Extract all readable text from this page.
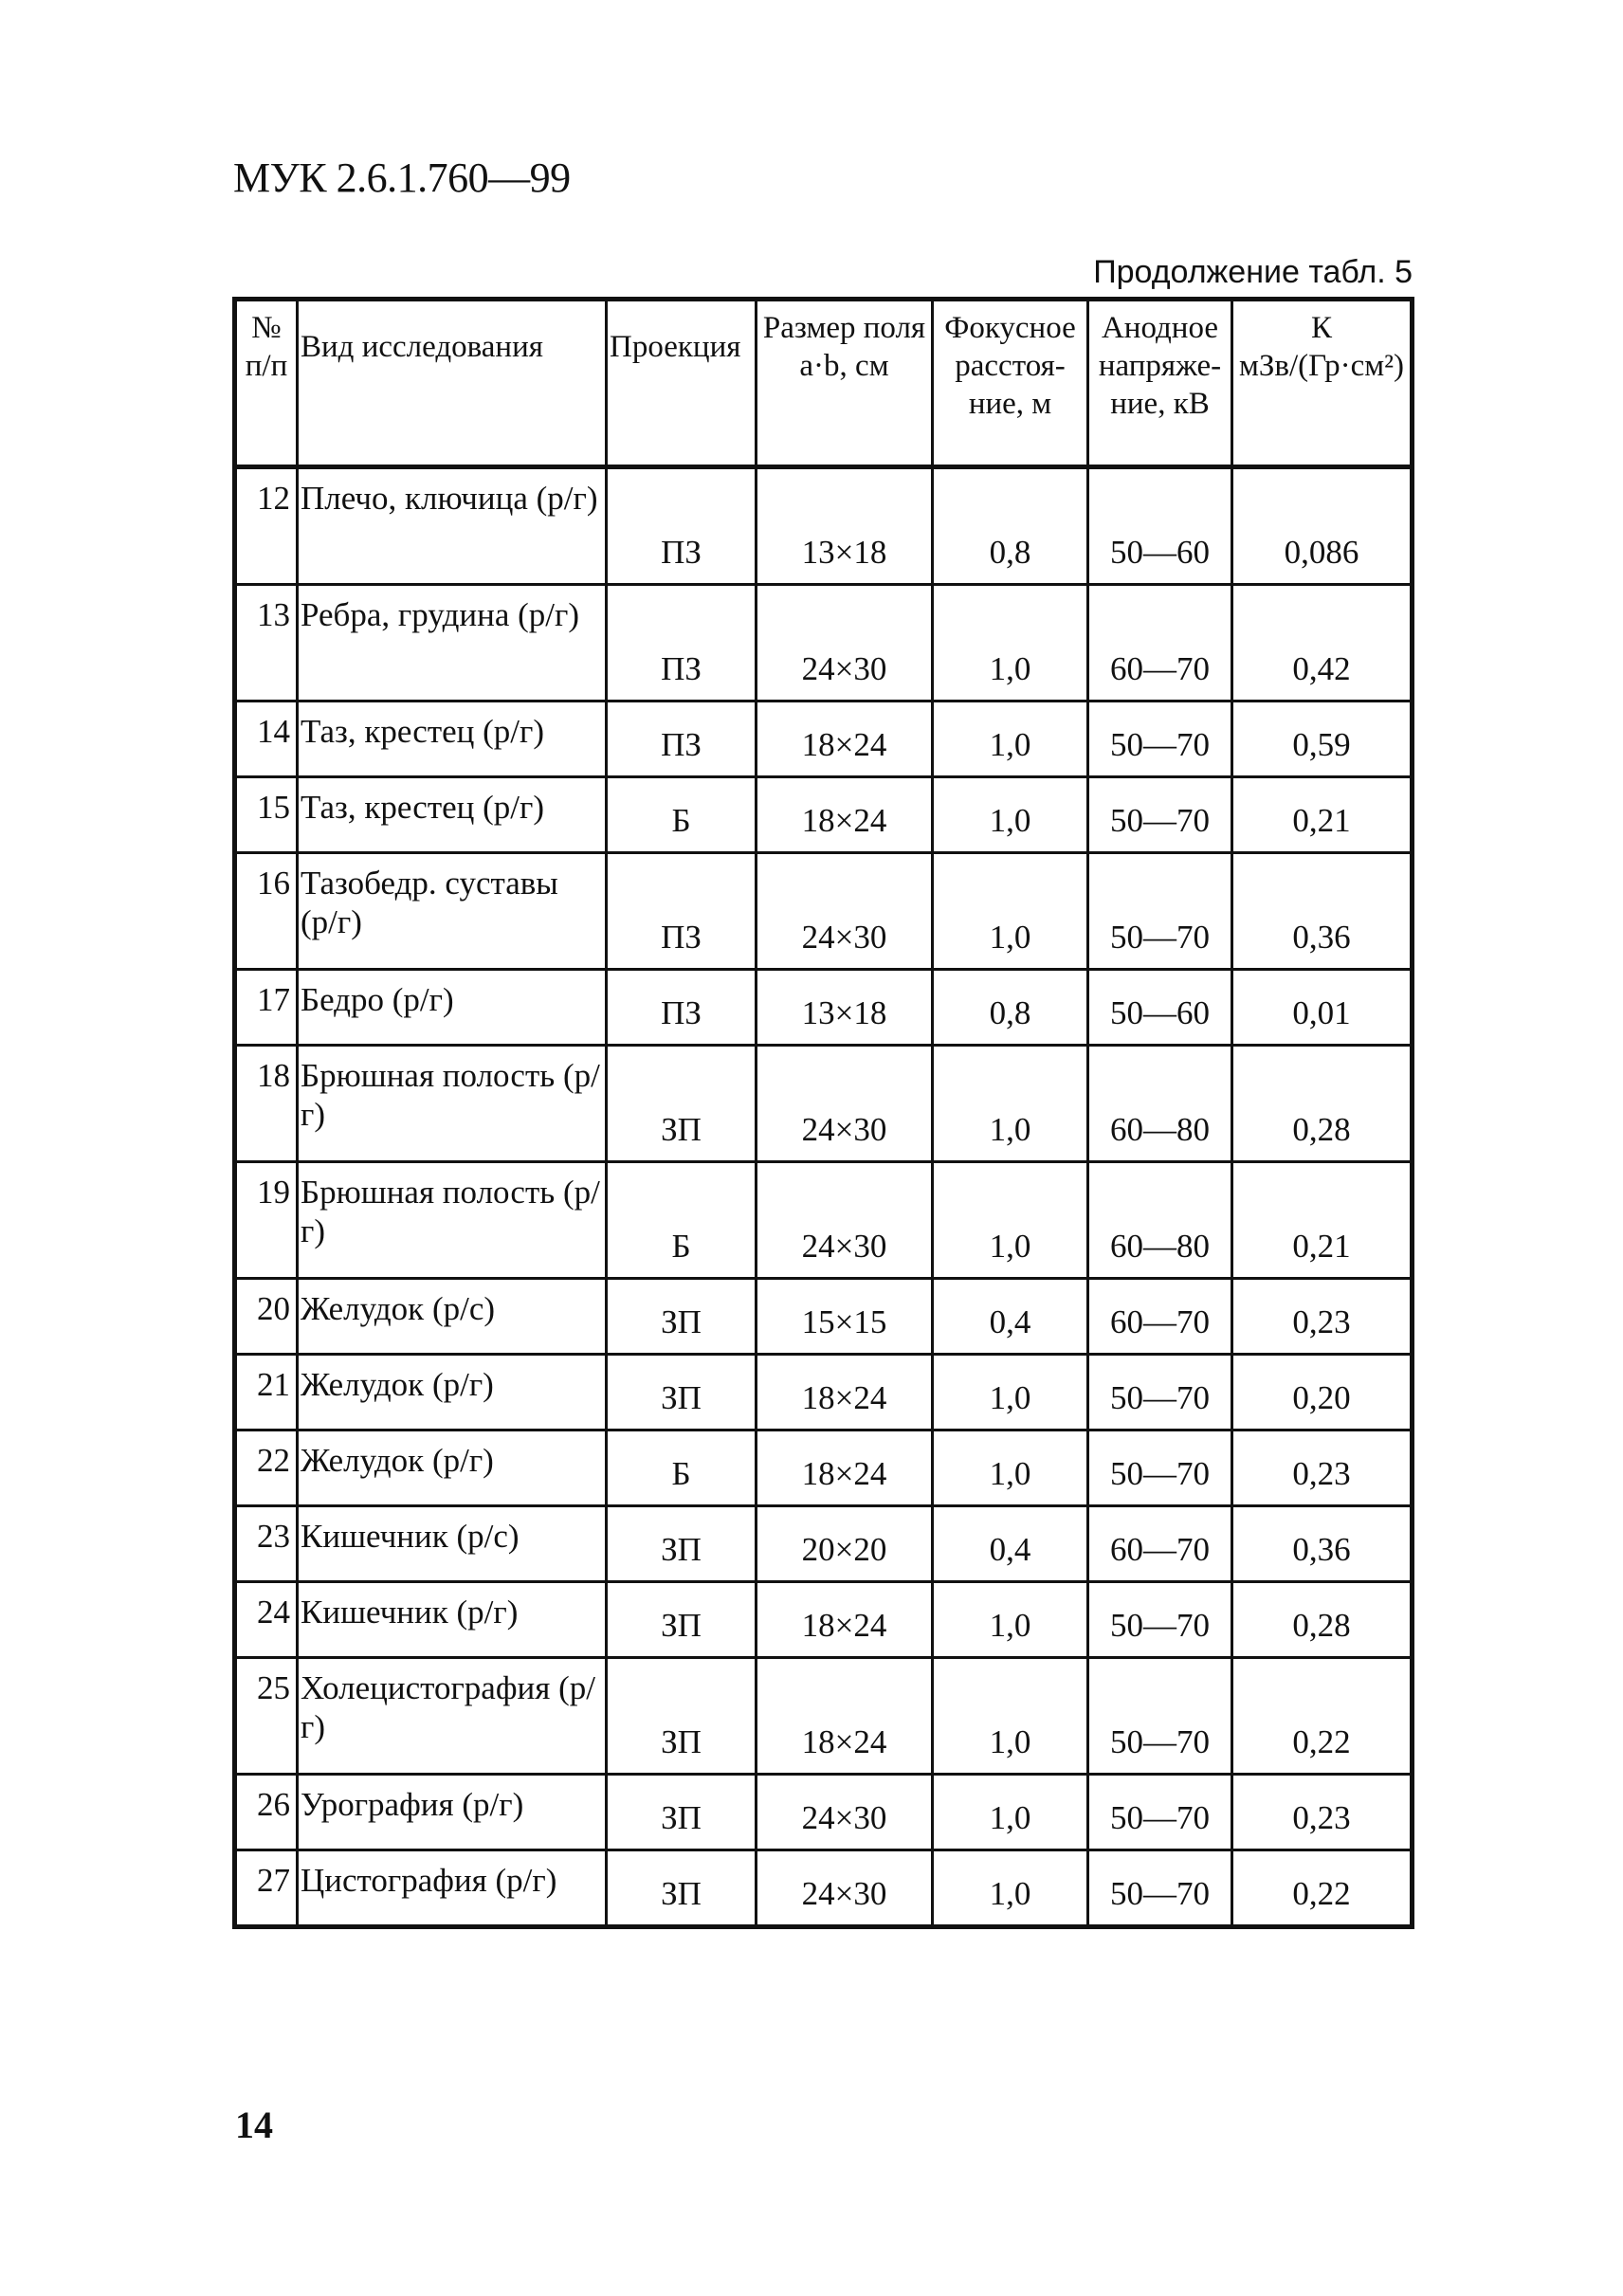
МУК 2.6.1.760—99
Продолжение табл. 5
№ п/п	Вид исследования	Проекция	Размер поля a·b, см	Фокусное расстоя-ние, м	Анодное напряже-ние, кВ	К мЗв/(Гр·см²)
12	Плечо, ключица (р/г)	ПЗ	13×18	0,8	50—60	0,086
13	Ребра, грудина (р/г)	ПЗ	24×30	1,0	60—70	0,42
14	Таз, крестец (р/г)	ПЗ	18×24	1,0	50—70	0,59
15	Таз, крестец (р/г)	Б	18×24	1,0	50—70	0,21
16	Тазобедр. суставы (р/г)	ПЗ	24×30	1,0	50—70	0,36
17	Бедро (р/г)	ПЗ	13×18	0,8	50—60	0,01
18	Брюшная полость (р/г)	ЗП	24×30	1,0	60—80	0,28
19	Брюшная полость (р/г)	Б	24×30	1,0	60—80	0,21
20	Желудок (р/с)	ЗП	15×15	0,4	60—70	0,23
21	Желудок (р/г)	ЗП	18×24	1,0	50—70	0,20
22	Желудок (р/г)	Б	18×24	1,0	50—70	0,23
23	Кишечник (р/с)	ЗП	20×20	0,4	60—70	0,36
24	Кишечник (р/г)	ЗП	18×24	1,0	50—70	0,28
25	Холецистография (р/г)	ЗП	18×24	1,0	50—70	0,22
26	Урография (р/г)	ЗП	24×30	1,0	50—70	0,23
27	Цистография (р/г)	ЗП	24×30	1,0	50—70	0,22
14
